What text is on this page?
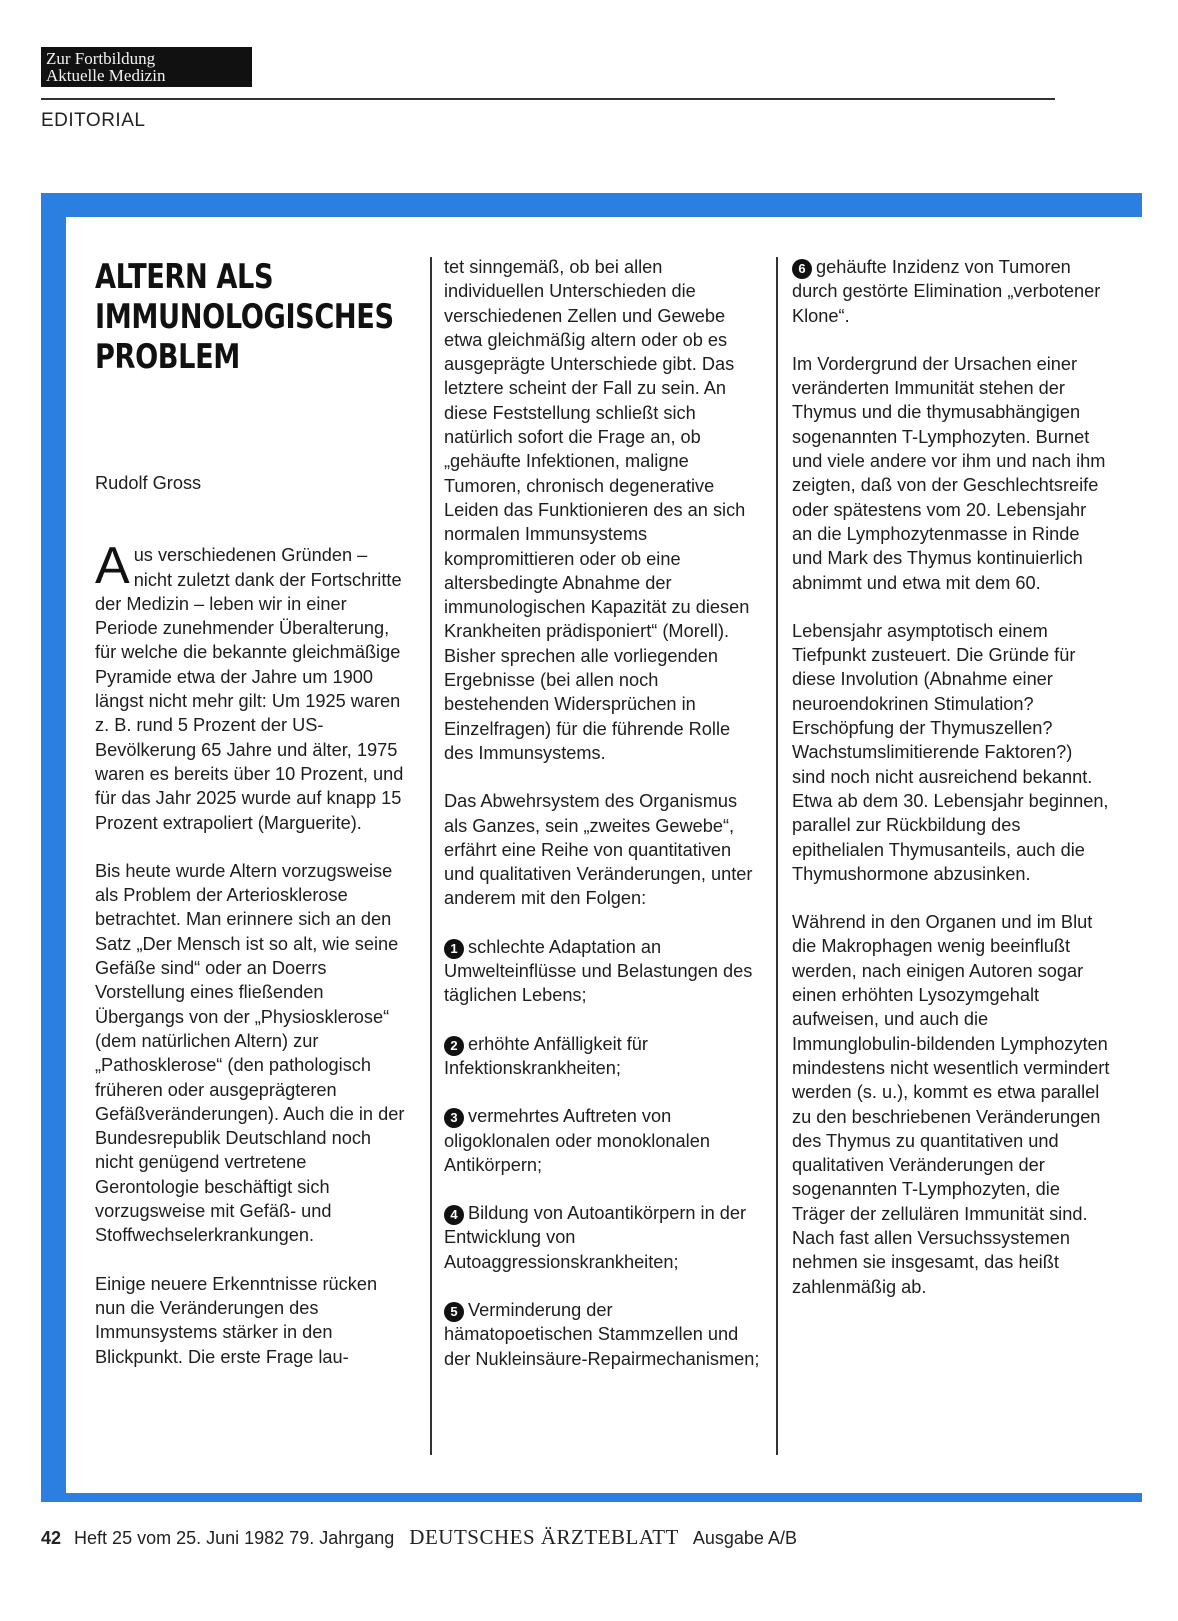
Zur Fortbildung
Aktuelle Medizin
EDITORIAL
ALTERN ALS
IMMUNOLOGISCHES
PROBLEM
Rudolf Gross

Aus verschiedenen Gründen – nicht zuletzt dank der Fortschritte der Medizin – leben wir in einer Periode zunehmender Überalterung, für welche die bekannte gleichmäßige Pyramide etwa der Jahre um 1900 längst nicht mehr gilt: Um 1925 waren z. B. rund 5 Prozent der US-Bevölkerung 65 Jahre und älter, 1975 waren es bereits über 10 Prozent, und für das Jahr 2025 wurde auf knapp 15 Prozent extrapoliert (Marguerite).

Bis heute wurde Altern vorzugsweise als Problem der Arteriosklerose betrachtet. Man erinnere sich an den Satz „Der Mensch ist so alt, wie seine Gefäße sind“ oder an Doerrs Vorstellung eines fließenden Übergangs von der „Physiosklerose“ (dem natürlichen Altern) zur „Pathosklerose“ (den pathologisch früheren oder ausgeprägteren Gefäßveränderungen). Auch die in der Bundesrepublik Deutschland noch nicht genügend vertretene Gerontologie beschäftigt sich vorzugsweise mit Gefäß- und Stoffwechselerkrankungen.

Einige neuere Erkenntnisse rücken nun die Veränderungen des Immunsystems stärker in den Blickpunkt. Die erste Frage lau-

tet sinngemäß, ob bei allen individuellen Unterschieden die verschiedenen Zellen und Gewebe etwa gleichmäßig altern oder ob es ausgeprägte Unterschiede gibt. Das letztere scheint der Fall zu sein. An diese Feststellung schließt sich natürlich sofort die Frage an, ob „gehäufte Infektionen, maligne Tumoren, chronisch degenerative Leiden das Funktionieren des an sich normalen Immunsystems kompromittieren oder ob eine altersbedingte Abnahme der immunologischen Kapazität zu diesen Krankheiten prädisponiert“ (Morell). Bisher sprechen alle vorliegenden Ergebnisse (bei allen noch bestehenden Widersprüchen in Einzelfragen) für die führende Rolle des Immunsystems.

Das Abwehrsystem des Organismus als Ganzes, sein „zweites Gewebe“, erfährt eine Reihe von quantitativen und qualitativen Veränderungen, unter anderem mit den Folgen:

1 schlechte Adaptation an Umwelteinflüsse und Belastungen des täglichen Lebens;

2 erhöhte Anfälligkeit für Infektionskrankheiten;

3 vermehrtes Auftreten von oligoklonalen oder monoklonalen Antikörpern;

4 Bildung von Autoantikörpern in der Entwicklung von Autoaggressionskrankheiten;

5 Verminderung der hämatopoetischen Stammzellen und der Nukleinsäure-Repairmechanismen;

6 gehäufte Inzidenz von Tumoren durch gestörte Elimination „verbotener Klone“.

Im Vordergrund der Ursachen einer veränderten Immunität stehen der Thymus und die thymusabhängigen sogenannten T-Lymphozyten. Burnet und viele andere vor ihm und nach ihm zeigten, daß von der Geschlechtsreife oder spätestens vom 20. Lebensjahr an die Lymphozytenmasse in Rinde und Mark des Thymus kontinuierlich abnimmt und etwa mit dem 60.

Lebensjahr asymptotisch einem Tiefpunkt zusteuert. Die Gründe für diese Involution (Abnahme einer neuroendokrinen Stimulation? Erschöpfung der Thymuszellen? Wachstumslimitierende Faktoren?) sind noch nicht ausreichend bekannt. Etwa ab dem 30. Lebensjahr beginnen, parallel zur Rückbildung des epithelialen Thymusanteils, auch die Thymushormone abzusinken.

Während in den Organen und im Blut die Makrophagen wenig beeinflußt werden, nach einigen Autoren sogar einen erhöhten Lysozymgehalt aufweisen, und auch die Immunglobulin-bildenden Lymphozyten mindestens nicht wesentlich vermindert werden (s. u.), kommt es etwa parallel zu den beschriebenen Veränderungen des Thymus zu quantitativen und qualitativen Veränderungen der sogenannten T-Lymphozyten, die Träger der zellulären Immunität sind. Nach fast allen Versuchssystemen nehmen sie insgesamt, das heißt zahlenmäßig ab.

42 Heft 25 vom 25. Juni 1982 79. Jahrgang DEUTSCHES ÄRZTEBLATT Ausgabe A/B
